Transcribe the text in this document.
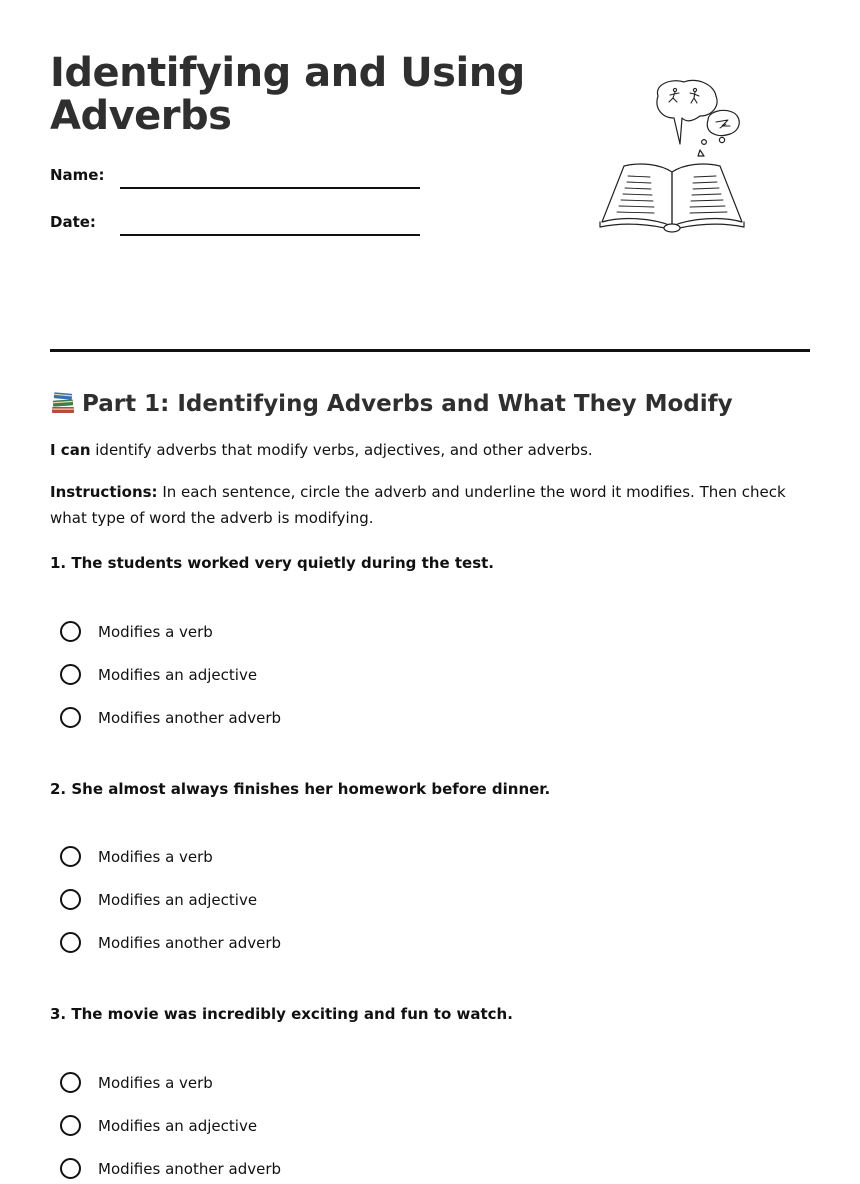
Identifying and Using
Adverbs
Name:
Date:
Part 1: Identifying Adverbs and What They Modify

I can identify adverbs that modify verbs, adjectives, and other adverbs.

Instructions: In each sentence, circle the adverb and underline the word it modifies. Then check what type of word the adverb is modifying.

1. The students worked very quietly during the test.

Modifies a verb
Modifies an adjective
Modifies another adverb

2. She almost always finishes her homework before dinner.

Modifies a verb
Modifies an adjective
Modifies another adverb

3. The movie was incredibly exciting and fun to watch.

Modifies a verb
Modifies an adjective
Modifies another adverb
